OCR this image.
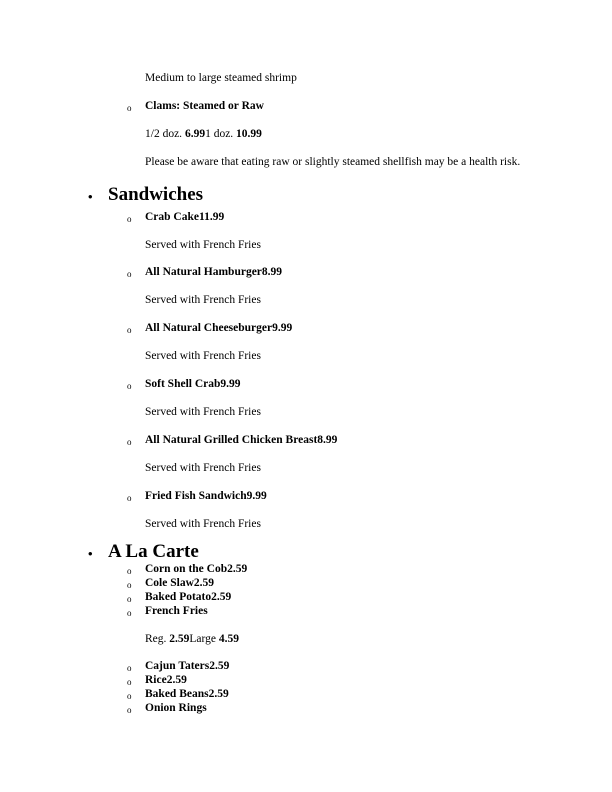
Medium to large steamed shrimp
o Clams: Steamed or Raw
1/2 doz. 6.991 doz. 10.99
Please be aware that eating raw or slightly steamed shellfish may be a health risk.
• Sandwiches
o Crab Cake11.99
Served with French Fries
o All Natural Hamburger8.99
Served with French Fries
o All Natural Cheeseburger9.99
Served with French Fries
o Soft Shell Crab9.99
Served with French Fries
o All Natural Grilled Chicken Breast8.99
Served with French Fries
o Fried Fish Sandwich9.99
Served with French Fries
• A La Carte
o Corn on the Cob2.59
o Cole Slaw2.59
o Baked Potato2.59
o French Fries
Reg. 2.59Large 4.59
o Cajun Taters2.59
o Rice2.59
o Baked Beans2.59
o Onion Rings
